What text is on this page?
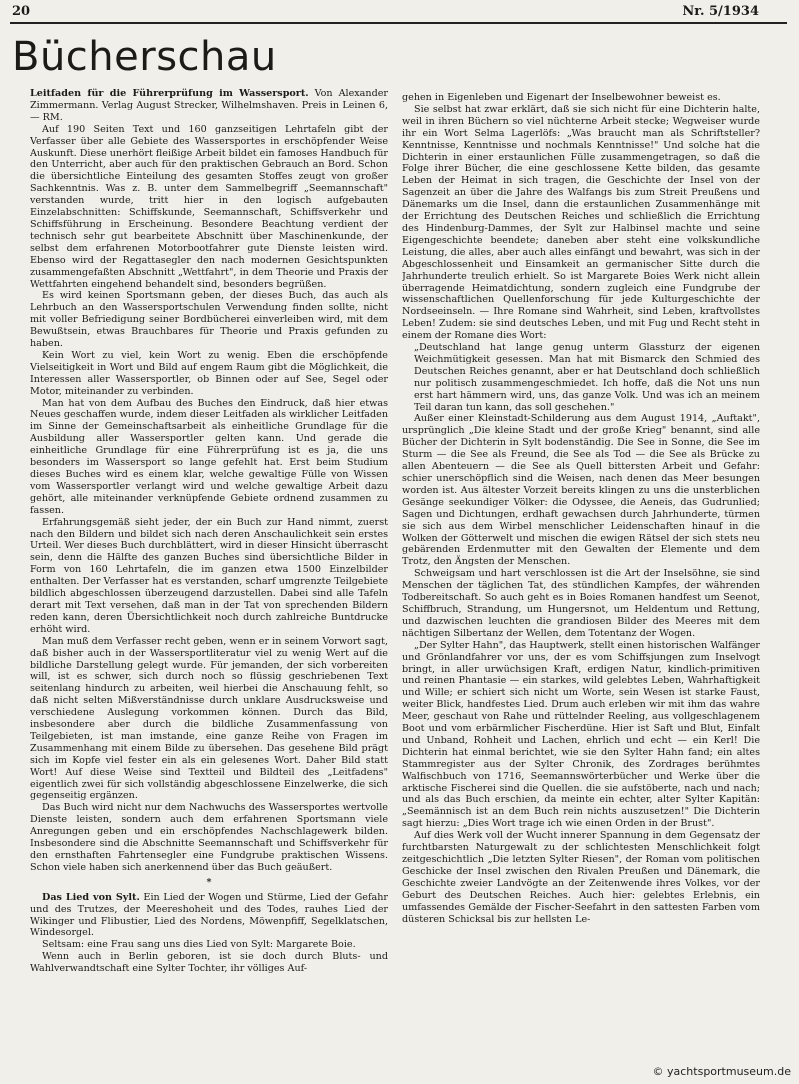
20	Nr. 5/1934
Bücherschau

Leitfaden für die Führerprüfung im Wassersport. Von Alexander Zimmermann. Verlag August Strecker, Wilhelmshaven. Preis in Leinen 6,— RM.

Auf 190 Seiten Text und 160 ganzseitigen Lehrtafeln gibt der Verfasser über alle Gebiete des Wassersportes in erschöpfender Weise Auskunft. Diese unerhört fleißige Arbeit bildet ein famoses Handbuch für den Unterricht, aber auch für den praktischen Gebrauch an Bord. Schon die übersichtliche Einteilung des gesamten Stoffes zeugt von großer Sachkenntnis. Was z. B. unter dem Sammelbegriff „Seemannschaft" verstanden wurde, tritt hier in den logisch aufgebauten Einzelabschnitten: Schiffskunde, Seemannschaft, Schiffsverkehr und Schiffsführung in Erscheinung. Besondere Beachtung verdient der technisch sehr gut bearbeitete Abschnitt über Maschinenkunde, der selbst dem erfahrenen Motorbootfahrer gute Dienste leisten wird. Ebenso wird der Regattasegler den nach modernen Gesichtspunkten zusammengefaßten Abschnitt „Wettfahrt", in dem Theorie und Praxis der Wettfahrten eingehend behandelt sind, besonders begrüßen.

Es wird keinen Sportsmann geben, der dieses Buch, das auch als Lehrbuch an den Wassersportschulen Verwendung finden sollte, nicht mit voller Befriedigung seiner Bordbücherei einverleiben wird, mit dem Bewußtsein, etwas Brauchbares für Theorie und Praxis gefunden zu haben.

Kein Wort zu viel, kein Wort zu wenig. Eben die erschöpfende Vielseitigkeit in Wort und Bild auf engem Raum gibt die Möglichkeit, die Interessen aller Wassersportler, ob Binnen oder auf See, Segel oder Motor, miteinander zu verbinden.

Man hat von dem Aufbau des Buches den Eindruck, daß hier etwas Neues geschaffen wurde, indem dieser Leitfaden als wirklicher Leitfaden im Sinne der Gemeinschaftsarbeit als einheitliche Grundlage für die Ausbildung aller Wassersportler gelten kann. Und gerade die einheitliche Grundlage für eine Führerprüfung ist es ja, die uns besonders im Wassersport so lange gefehlt hat. Erst beim Studium dieses Buches wird es einem klar, welche gewaltige Fülle von Wissen vom Wassersportler verlangt wird und welche gewaltige Arbeit dazu gehört, alle miteinander verknüpfende Gebiete ordnend zusammen zu fassen.

Erfahrungsgemäß sieht jeder, der ein Buch zur Hand nimmt, zuerst nach den Bildern und bildet sich nach deren Anschaulichkeit sein erstes Urteil. Wer dieses Buch durchblättert, wird in dieser Hinsicht überrascht sein, denn die Hälfte des ganzen Buches sind übersichtliche Bilder in Form von 160 Lehrtafeln, die im ganzen etwa 1500 Einzelbilder enthalten. Der Verfasser hat es verstanden, scharf umgrenzte Teilgebiete bildlich abgeschlossen überzeugend darzustellen. Dabei sind alle Tafeln derart mit Text versehen, daß man in der Tat von sprechenden Bildern reden kann, deren Übersichtlichkeit noch durch zahlreiche Buntdrucke erhöht wird.

Man muß dem Verfasser recht geben, wenn er in seinem Vorwort sagt, daß bisher auch in der Wassersportliteratur viel zu wenig Wert auf die bildliche Darstellung gelegt wurde. Für jemanden, der sich vorbereiten will, ist es schwer, sich durch noch so flüssig geschriebenen Text seitenlang hindurch zu arbeiten, weil hierbei die Anschauung fehlt, so daß nicht selten Mißverständnisse durch unklare Ausdrucksweise und verschiedene Auslegung vorkommen können. Durch das Bild, insbesondere aber durch die bildliche Zusammenfassung von Teilgebieten, ist man imstande, eine ganze Reihe von Fragen im Zusammenhang mit einem Bilde zu übersehen. Das gesehene Bild prägt sich im Kopfe viel fester ein als ein gelesenes Wort. Daher Bild statt Wort! Auf diese Weise sind Textteil und Bildteil des „Leitfadens" eigentlich zwei für sich vollständig abgeschlossene Einzelwerke, die sich gegenseitig ergänzen.

Das Buch wird nicht nur dem Nachwuchs des Wassersportes wertvolle Dienste leisten, sondern auch dem erfahrenen Sportsmann viele Anregungen geben und ein erschöpfendes Nachschlagewerk bilden. Insbesondere sind die Abschnitte Seemannschaft und Schiffsverkehr für den ernsthaften Fahrtensegler eine Fundgrube praktischen Wissens. Schon viele haben sich anerkennend über das Buch geäußert.

*

Das Lied von Sylt. Ein Lied der Wogen und Stürme, Lied der Gefahr und des Trutzes, der Meereshoheit und des Todes, rauhes Lied der Wikinger und Flibustier, Lied des Nordens, Möwenpfiff, Segelklatschen, Windesorgel.

Seltsam: eine Frau sang uns dies Lied von Sylt: Margarete Boie.

Wenn auch in Berlin geboren, ist sie doch durch Bluts- und Wahlverwandtschaft eine Sylter Tochter, ihr völliges Auf-

gehen in Eigenleben und Eigenart der Inselbewohner beweist es.

Sie selbst hat zwar erklärt, daß sie sich nicht für eine Dichterin halte, weil in ihren Büchern so viel nüchterne Arbeit stecke; Wegweiser wurde ihr ein Wort Selma Lagerlöfs: „Was braucht man als Schriftsteller? Kenntnisse, Kenntnisse und nochmals Kenntnisse!" Und solche hat die Dichterin in einer erstaunlichen Fülle zusammengetragen, so daß die Folge ihrer Bücher, die eine geschlossene Kette bilden, das gesamte Leben der Heimat in sich tragen, die Geschichte der Insel von der Sagenzeit an über die Jahre des Walfangs bis zum Streit Preußens und Dänemarks um die Insel, dann die erstaunlichen Zusammenhänge mit der Errichtung des Deutschen Reiches und schließlich die Errichtung des Hindenburg-Dammes, der Sylt zur Halbinsel machte und seine Eigengeschichte beendete; daneben aber steht eine volkskundliche Leistung, die alles, aber auch alles einfängt und bewahrt, was sich in der Abgeschlossenheit und Einsamkeit an germanischer Sitte durch die Jahrhunderte treulich erhielt. So ist Margarete Boies Werk nicht allein überragende Heimatdichtung, sondern zugleich eine Fundgrube der wissenschaftlichen Quellenforschung für jede Kulturgeschichte der Nordseeinseln. — Ihre Romane sind Wahrheit, sind Leben, kraftvollstes Leben! Zudem: sie sind deutsches Leben, und mit Fug und Recht steht in einem der Romane dies Wort:

„Deutschland hat lange genug unterm Glassturz der eigenen Weichmütigkeit gesessen. Man hat mit Bismarck den Schmied des Deutschen Reiches genannt, aber er hat Deutschland doch schließlich nur politisch zusammengeschmiedet. Ich hoffe, daß die Not uns nun erst hart hämmern wird, uns, das ganze Volk. Und was ich an meinem Teil daran tun kann, das soll geschehen."

Außer einer Kleinstadt-Schilderung aus dem August 1914, „Auftakt", ursprünglich „Die kleine Stadt und der große Krieg" benannt, sind alle Bücher der Dichterin in Sylt bodenständig. Die See in Sonne, die See im Sturm — die See als Freund, die See als Tod — die See als Brücke zu allen Abenteuern — die See als Quell bittersten Arbeit und Gefahr: schier unerschöpflich sind die Weisen, nach denen das Meer besungen worden ist. Aus ältester Vorzeit bereits klingen zu uns die unsterblichen Gesänge seekundiger Völker: die Odyssee, die Aeneis, das Gudrunlied; Sagen und Dichtungen, erdhaft gewachsen durch Jahrhunderte, türmen sie sich aus dem Wirbel menschlicher Leidenschaften hinauf in die Wolken der Götterwelt und mischen die ewigen Rätsel der sich stets neu gebärenden Erdenmutter mit den Gewalten der Elemente und dem Trotz, den Ängsten der Menschen.

Schweigsam und hart verschlossen ist die Art der Inselsöhne, sie sind Menschen der täglichen Tat, des stündlichen Kampfes, der währenden Todbereitschaft. So auch geht es in Boies Romanen handfest um Seenot, Schiffbruch, Strandung, um Hungersnot, um Heldentum und Rettung, und dazwischen leuchten die grandiosen Bilder des Meeres mit dem nächtigen Silbertanz der Wellen, dem Totentanz der Wogen.

„Der Sylter Hahn", das Hauptwerk, stellt einen historischen Walfänger und Grönlandfahrer vor uns, der es vom Schiffsjungen zum Inselvogt bringt, in aller urwüchsigen Kraft, erdigen Natur, kindlich-primitiven und reinen Phantasie — ein starkes, wild gelebtes Leben, Wahrhaftigkeit und Wille; er schiert sich nicht um Worte, sein Wesen ist starke Faust, weiter Blick, handfestes Lied. Drum auch erleben wir mit ihm das wahre Meer, geschaut von Rahe und rüttelnder Reeling, aus vollgeschlagenem Boot und vom erbärmlicher Fischerdüne. Hier ist Saft und Blut, Einfalt und Unband, Rohheit und Lachen, ehrlich und echt — ein Kerl! Die Dichterin hat einmal berichtet, wie sie den Sylter Hahn fand; ein altes Stammregister aus der Sylter Chronik, des Zordrages berühmtes Walfischbuch von 1716, Seemannswörterbücher und Werke über die arktische Fischerei sind die Quellen. die sie aufstöberte, nach und nach; und als das Buch erschien, da meinte ein echter, alter Sylter Kapitän: „Seemännisch ist an dem Buch rein nichts auszusetzen!" Die Dichterin sagt hierzu: „Dies Wort trage ich wie einen Orden in der Brust".

Auf dies Werk voll der Wucht innerer Spannung in dem Gegensatz der furchtbarsten Naturgewalt zu der schlichtesten Menschlichkeit folgt zeitgeschichtlich „Die letzten Sylter Riesen", der Roman vom politischen Geschicke der Insel zwischen den Rivalen Preußen und Dänemark, die Geschichte zweier Landvögte an der Zeitenwende ihres Volkes, vor der Geburt des Deutschen Reiches. Auch hier: gelebtes Erlebnis, ein umfassendes Gemälde der Fischer-Seefahrt in den sattesten Farben vom düsteren Schicksal bis zur hellsten Le-

© yachtsportmuseum.de
